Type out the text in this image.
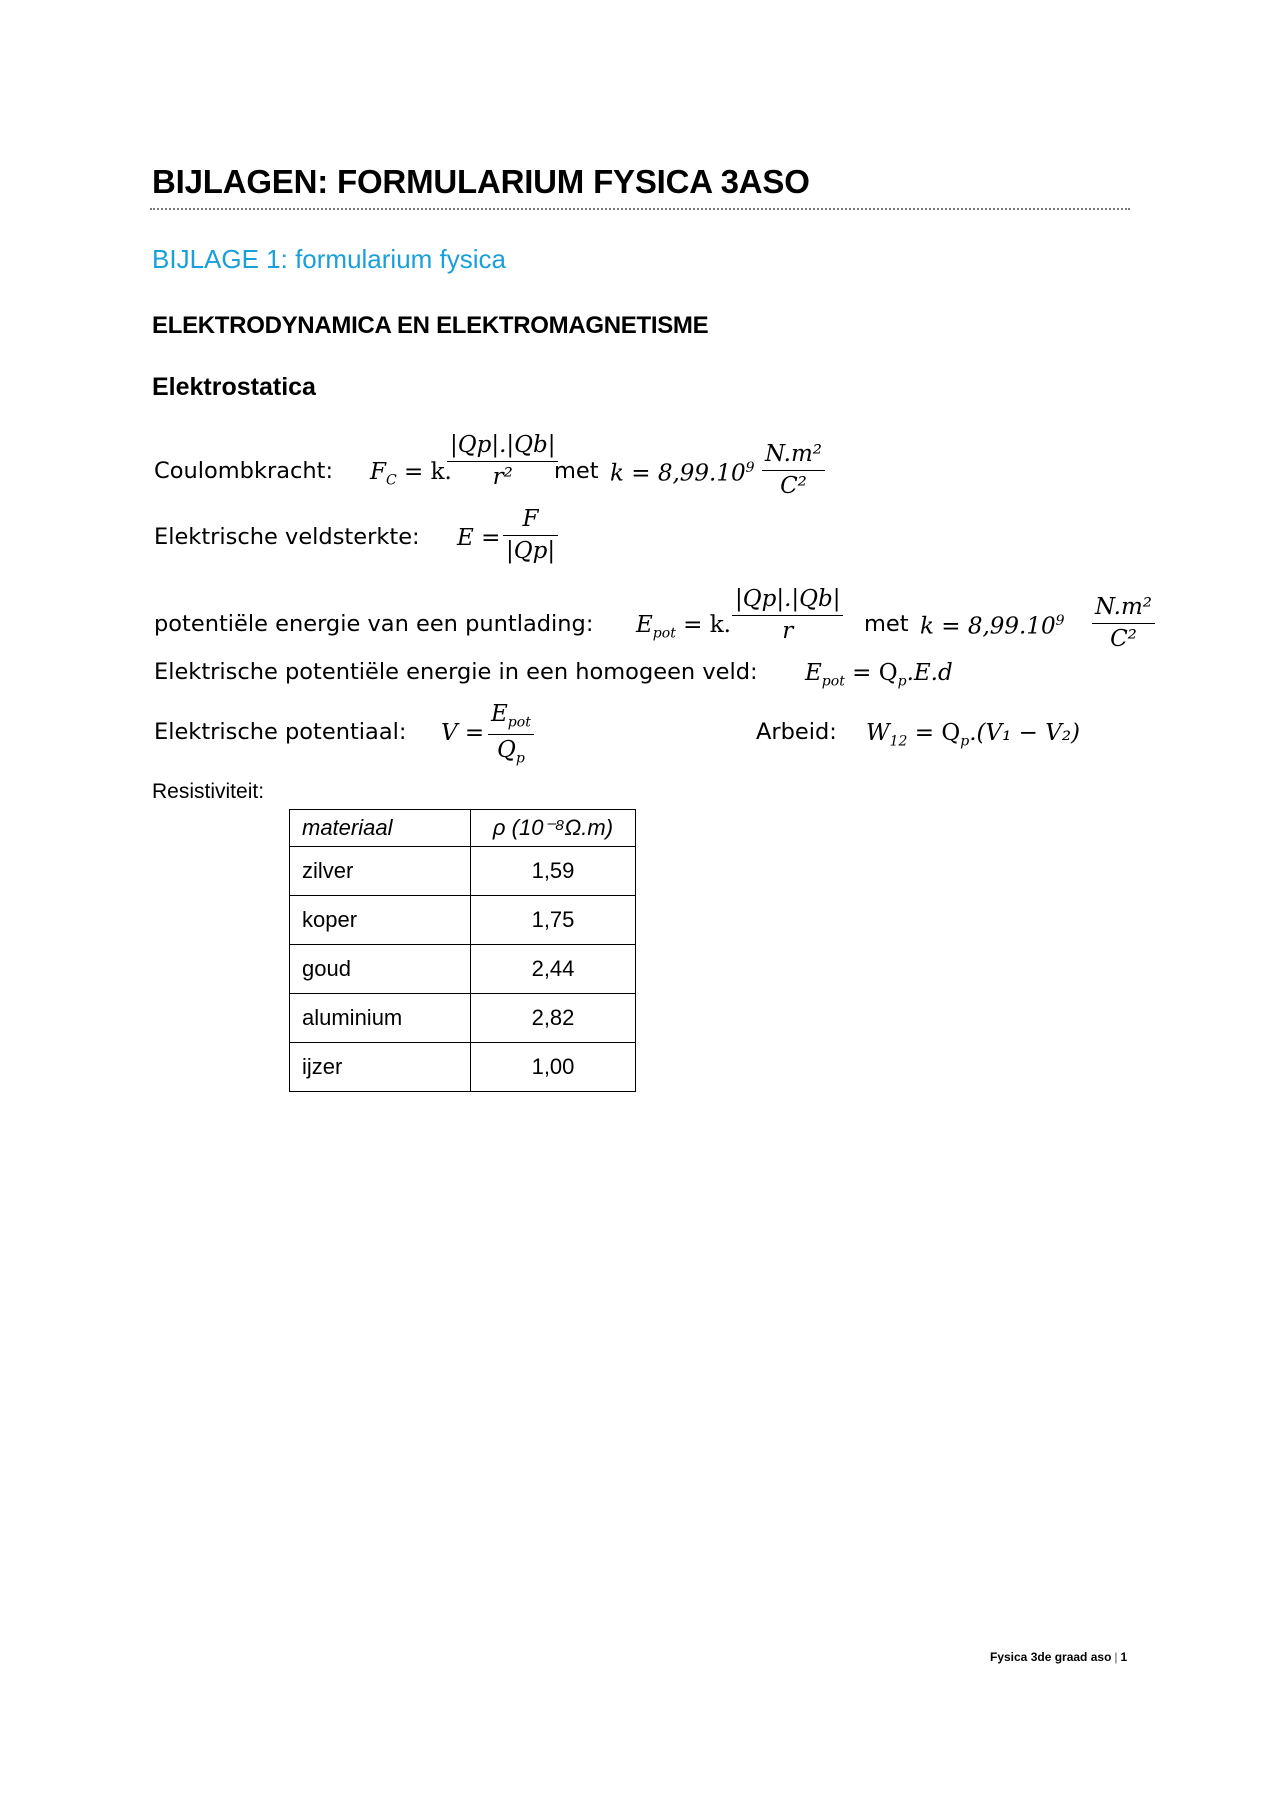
BIJLAGEN: FORMULARIUM FYSICA 3ASO
BIJLAGE 1: formularium fysica
ELEKTRODYNAMICA EN ELEKTROMAGNETISME
Elektrostatica
Coulombkracht: $F_C = k$.
|Qp|.|Qb|
r² met $k = 8,99.10^9$
N.m²
C²
Elektrische veldsterkte: E =
F
|Qp|
potentiële energie van een puntlading: $E_{pot} = k$.
|Qp|.|Qb|
r	met $k = 8,99.10^9$
N.m²
C²
Elektrische potentiële energie in een homogeen veld: $E_{pot} = Q_p.E.d$
Elektrische potentiaal: V =
$E_{pot}$
$Q_p$
Arbeid: $W_{12} = Q_p.(V_1 - V_2)$
Resistiviteit:
materiaal	ρ (10⁻⁸Ω.m)
zilver	1,59
koper	1,75
goud	2,44
aluminium	2,82
ijzer	1,00
Fysica 3de graad aso | 1
